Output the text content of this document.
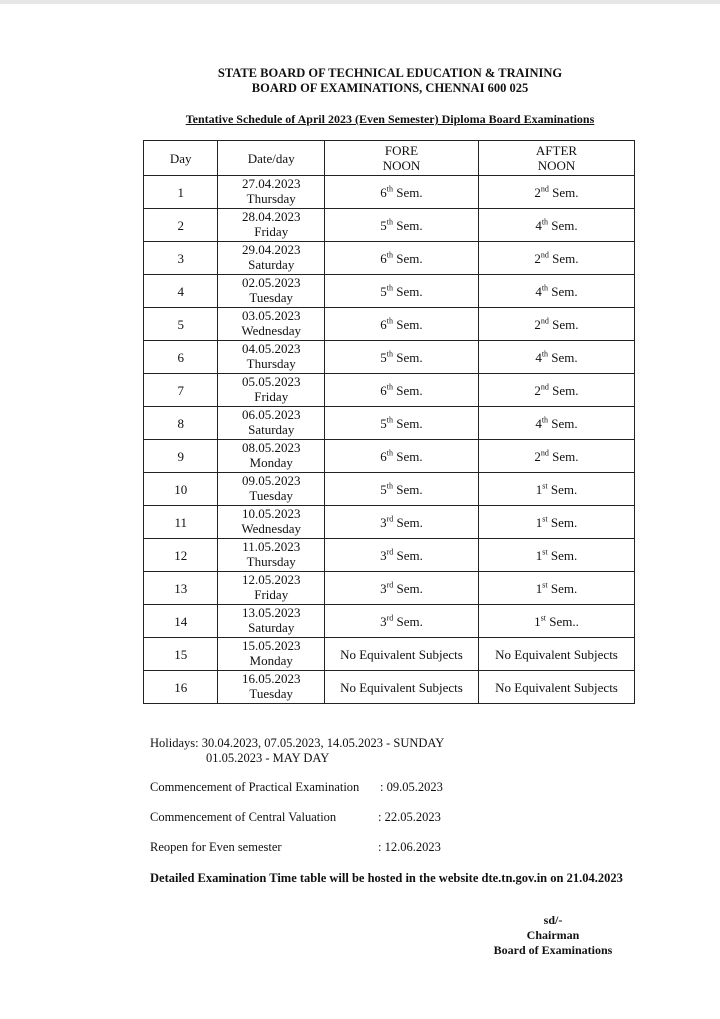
STATE BOARD OF TECHNICAL EDUCATION & TRAINING
BOARD OF EXAMINATIONS, CHENNAI 600 025
Tentative Schedule of April 2023 (Even Semester) Diploma Board Examinations
Day	Date/day	FORE
NOON	AFTER
NOON

1	27.04.2023
Thursday	6th Sem.	2nd Sem.
2	28.04.2023
Friday	5th Sem.	4th Sem.
3	29.04.2023
Saturday	6th Sem.	2nd Sem.
4	02.05.2023
Tuesday	5th Sem.	4th Sem.
5	03.05.2023
Wednesday	6th Sem.	2nd Sem.
6	04.05.2023
Thursday	5th Sem.	4th Sem.
7	05.05.2023
Friday	6th Sem.	2nd Sem.
8	06.05.2023
Saturday	5th Sem.	4th Sem.
9	08.05.2023
Monday	6th Sem.	2nd Sem.
10	09.05.2023
Tuesday	5th Sem.	1st Sem.
11	10.05.2023
Wednesday	3rd Sem.	1st Sem.
12	11.05.2023
Thursday	3rd Sem.	1st Sem.
13	12.05.2023
Friday	3rd Sem.	1st Sem.
14	13.05.2023
Saturday	3rd Sem.	1st Sem..
15	15.05.2023
Monday	No Equivalent Subjects	No Equivalent Subjects
16	16.05.2023
Tuesday	No Equivalent Subjects	No Equivalent Subjects
Holidays: 30.04.2023, 07.05.2023, 14.05.2023 - SUNDAY
01.05.2023 - MAY DAY
Commencement of Practical Examination : 09.05.2023
Commencement of Central Valuation	: 22.05.2023
Reopen for Even semester	: 12.06.2023
Detailed Examination Time table will be hosted in the website dte.tn.gov.in on 21.04.2023
sd/-
Chairman
Board of Examinations
